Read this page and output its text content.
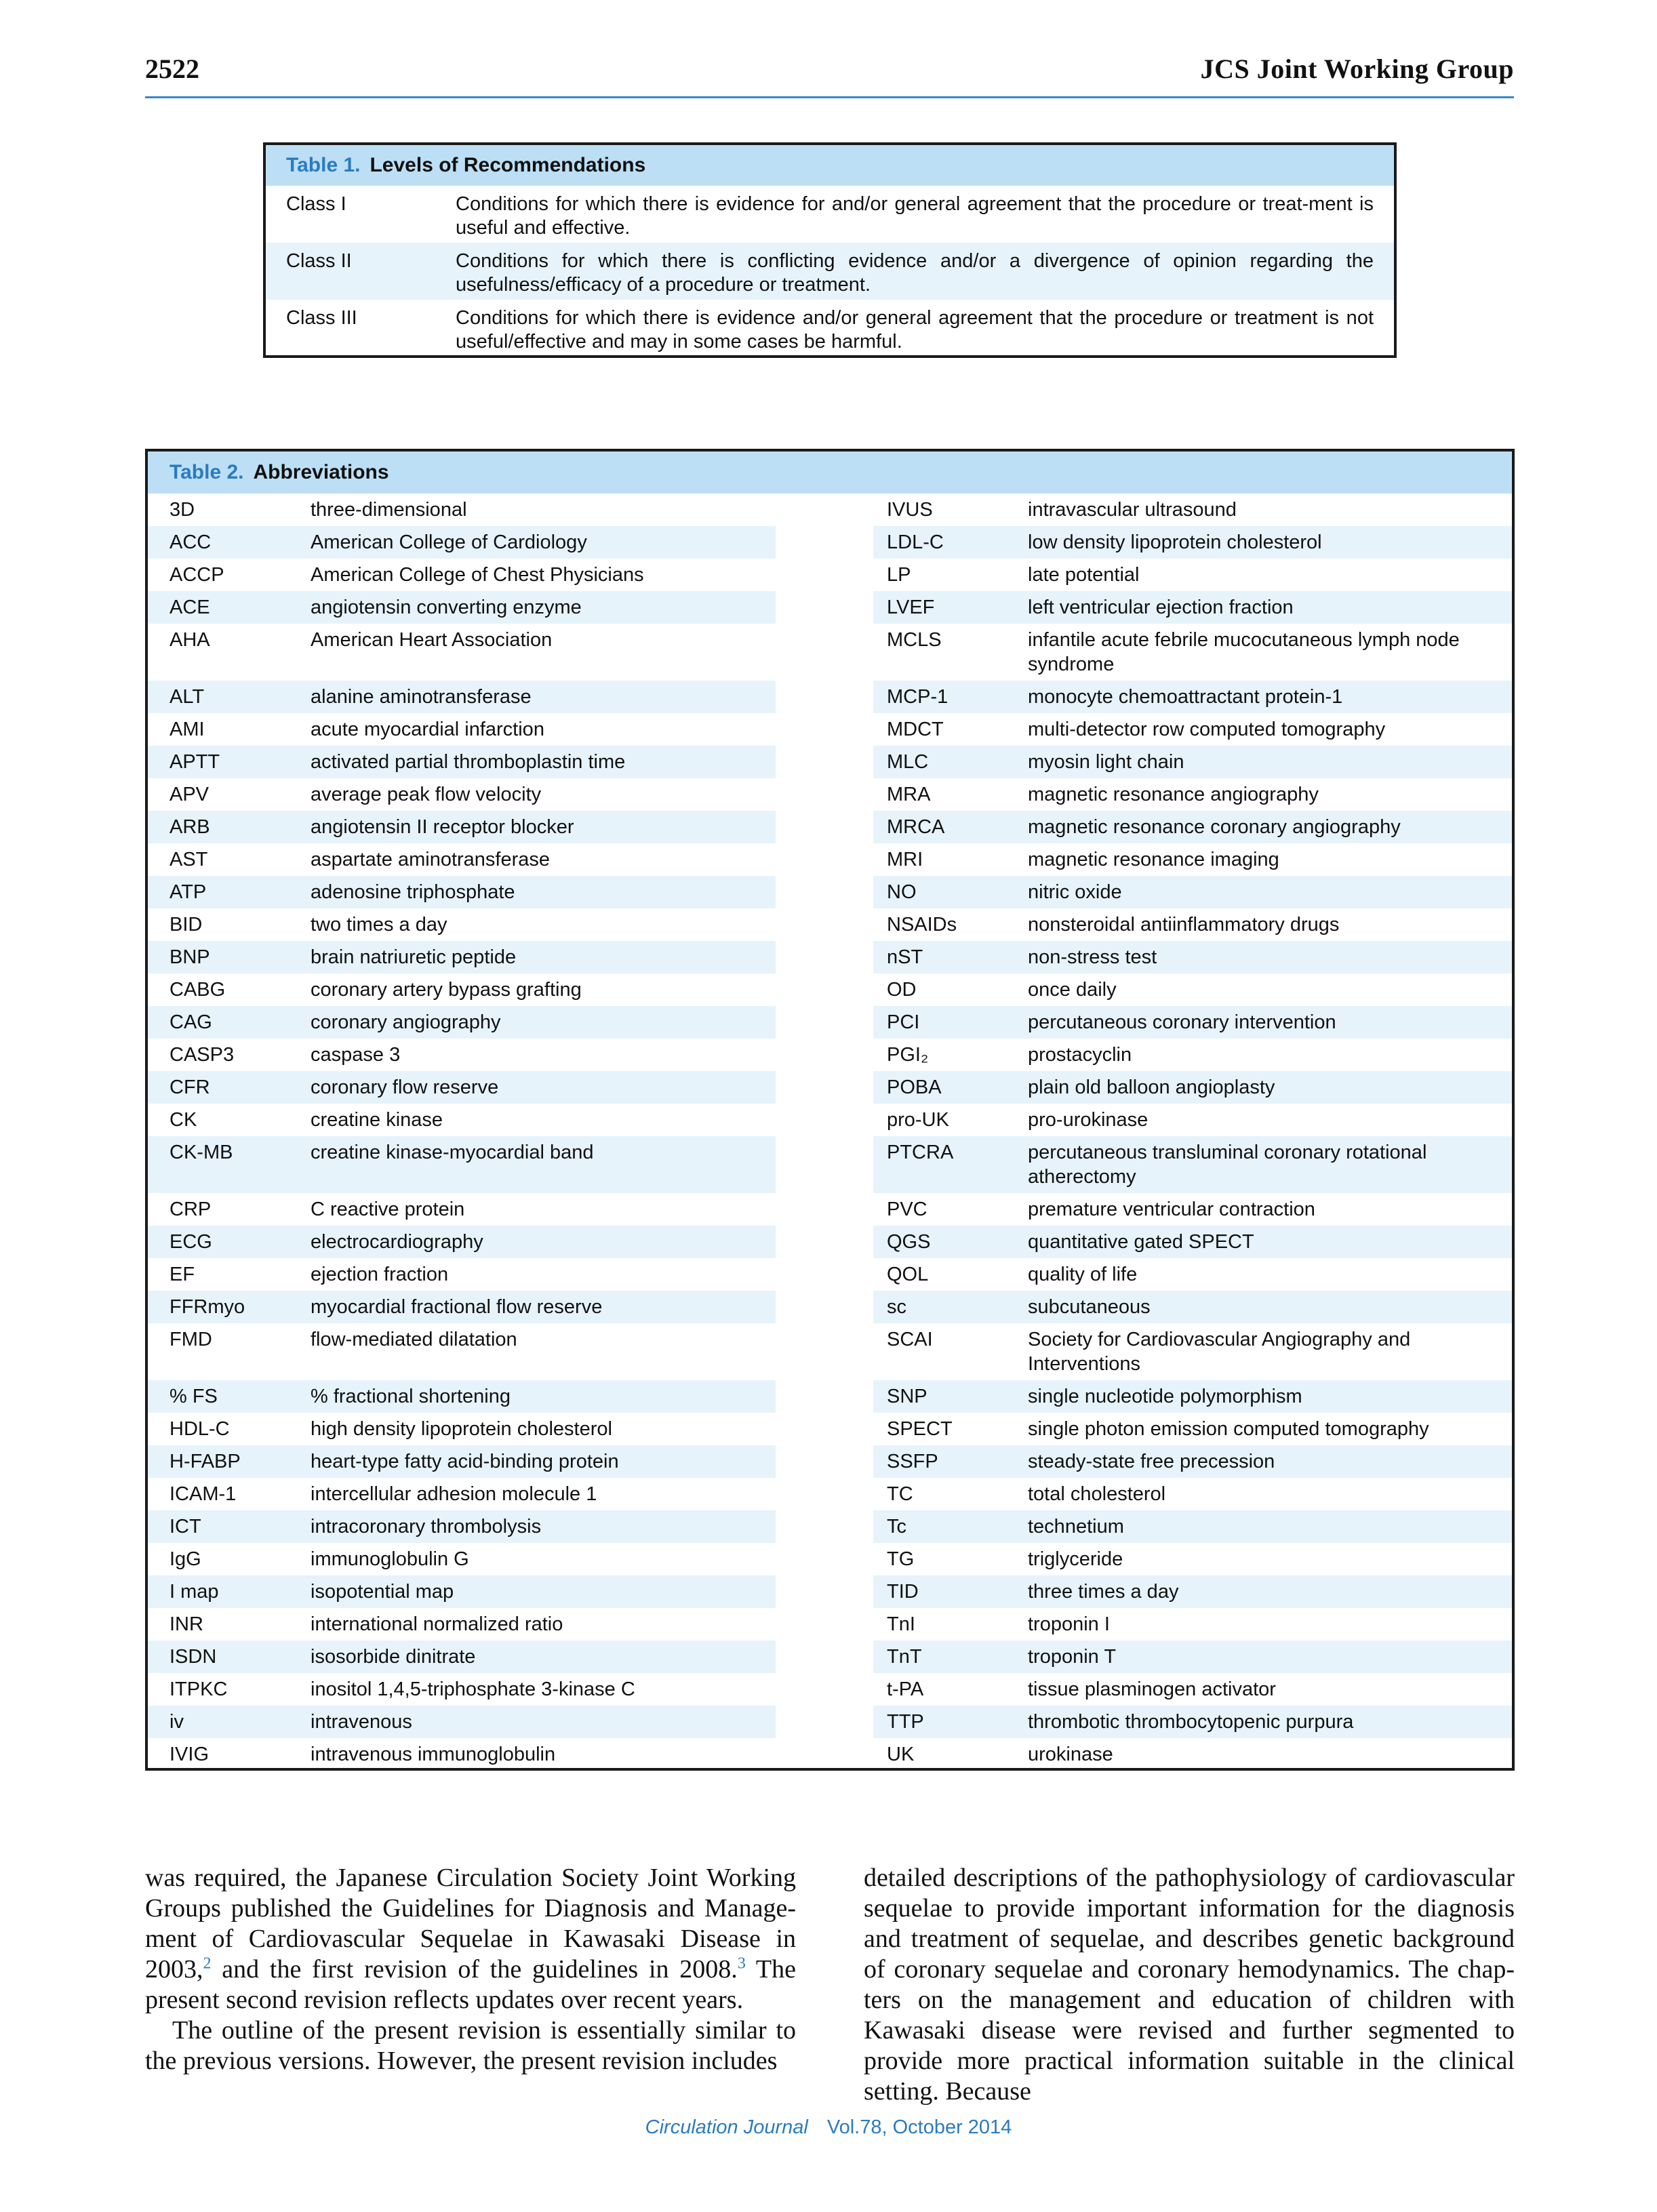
2522	JCS Joint Working Group
Table 1. Levels of Recommendations
Class I	Conditions for which there is evidence for and/or general agreement that the procedure or treat-ment is useful and effective.
Class II	Conditions for which there is conflicting evidence and/or a divergence of opinion regarding the usefulness/efficacy of a procedure or treatment.
Class III	Conditions for which there is evidence and/or general agreement that the procedure or treatment is not useful/effective and may in some cases be harmful.
Table 2. Abbreviations
3D	three-dimensional
ACC	American College of Cardiology
ACCP	American College of Chest Physicians
ACE	angiotensin converting enzyme
AHA	American Heart Association
ALT	alanine aminotransferase
AMI	acute myocardial infarction
APTT	activated partial thromboplastin time
APV	average peak flow velocity
ARB	angiotensin II receptor blocker
AST	aspartate aminotransferase
ATP	adenosine triphosphate
BID	two times a day
BNP	brain natriuretic peptide
CABG	coronary artery bypass grafting
CAG	coronary angiography
CASP3	caspase 3
CFR	coronary flow reserve
CK	creatine kinase
CK-MB	creatine kinase-myocardial band
CRP	C reactive protein
ECG	electrocardiography
EF	ejection fraction
FFRmyo	myocardial fractional flow reserve
FMD	flow-mediated dilatation
% FS	% fractional shortening
HDL-C	high density lipoprotein cholesterol
H-FABP	heart-type fatty acid-binding protein
ICAM-1	intercellular adhesion molecule 1
ICT	intracoronary thrombolysis
IgG	immunoglobulin G
I map	isopotential map
INR	international normalized ratio
ISDN	isosorbide dinitrate
ITPKC	inositol 1,4,5-triphosphate 3-kinase C
iv	intravenous
IVIG	intravenous immunoglobulin
IVUS	intravascular ultrasound
LDL-C	low density lipoprotein cholesterol
LP	late potential
LVEF	left ventricular ejection fraction
MCLS	infantile acute febrile mucocutaneous lymph node syndrome
MCP-1	monocyte chemoattractant protein-1
MDCT	multi-detector row computed tomography
MLC	myosin light chain
MRA	magnetic resonance angiography
MRCA	magnetic resonance coronary angiography
MRI	magnetic resonance imaging
NO	nitric oxide
NSAIDs	nonsteroidal antiinflammatory drugs
nST	non-stress test
OD	once daily
PCI	percutaneous coronary intervention
PGI₂	prostacyclin
POBA	plain old balloon angioplasty
pro-UK	pro-urokinase
PTCRA	percutaneous transluminal coronary rotational atherectomy
PVC	premature ventricular contraction
QGS	quantitative gated SPECT
QOL	quality of life
sc	subcutaneous
SCAI	Society for Cardiovascular Angiography and Interventions
SNP	single nucleotide polymorphism
SPECT	single photon emission computed tomography
SSFP	steady-state free precession
TC	total cholesterol
Tc	technetium
TG	triglyceride
TID	three times a day
TnI	troponin I
TnT	troponin T
t-PA	tissue plasminogen activator
TTP	thrombotic thrombocytopenic purpura
UK	urokinase

was required, the Japanese Circulation Society Joint Working Groups published the Guidelines for Diagnosis and Manage-ment of Cardiovascular Sequelae in Kawasaki Disease in 2003,$^2$ and the first revision of the guidelines in 2008.$^3$ The present second revision reflects updates over recent years.

The outline of the present revision is essentially similar to the previous versions. However, the present revision includes

detailed descriptions of the pathophysiology of cardiovascular sequelae to provide important information for the diagnosis and treatment of sequelae, and describes genetic background of coronary sequelae and coronary hemodynamics. The chap-ters on the management and education of children with Kawasaki disease were revised and further segmented to provide more practical information suitable in the clinical setting. Because

Circulation Journal Vol.78, October 2014
